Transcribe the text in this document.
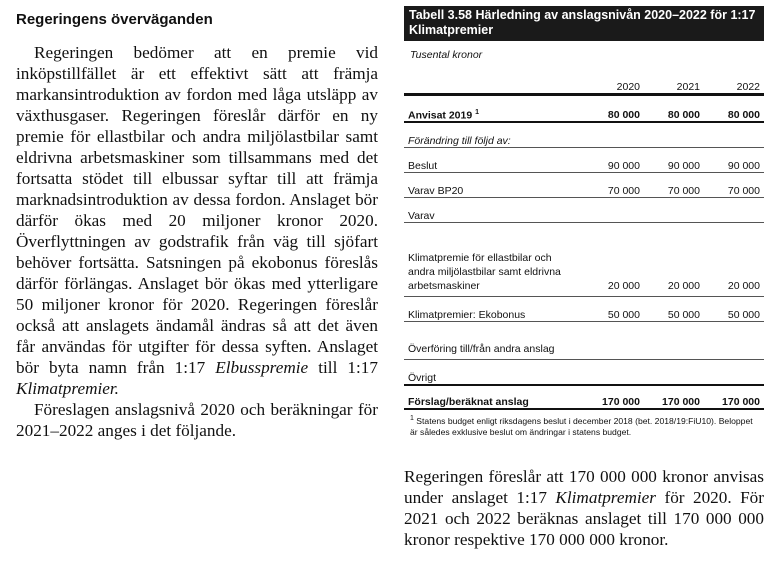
Regeringens överväganden

Regeringen bedömer att en premie vid inköpstillfället är ett effektivt sätt att främja markansintroduktion av fordon med låga utsläpp av växthusgaser. Regeringen föreslår därför en ny premie för ellastbilar och andra miljölastbilar samt eldrivna arbetsmaskiner som tillsammans med det fortsatta stödet till elbussar syftar till att främja marknadsintroduktion av dessa fordon. Anslaget bör därför ökas med 20 miljoner kronor 2020. Överflyttningen av godstrafik från väg till sjöfart behöver fortsätta. Satsningen på ekobonus föreslås därför förlängas. Anslaget bör ökas med ytterligare 50 miljoner kronor för 2020. Regeringen föreslår också att anslagets ändamål ändras så att det även får användas för utgifter för dessa syften. Anslaget bör byta namn från 1:17 Elbusspremie till 1:17 Klimatpremier.

Föreslagen anslagsnivå 2020 och beräkningar för 2021–2022 anges i det följande.

Tabell 3.58 Härledning av anslagsnivån 2020–2022 för 1:17 Klimatpremier
Tusental kronor
	2020	2021	2022
Anvisat 2019 $^1$	80 000	80 000	80 000
Förändring till följd av:			
Beslut	90 000	90 000	90 000
Varav BP20	70 000	70 000	70 000
Varav			
Klimatpremie för ellastbilar och andra miljölastbilar samt eldrivna arbetsmaskiner	20 000	20 000	20 000
Klimatpremier: Ekobonus	50 000	50 000	50 000
Överföring till/från andra anslag			
Övrigt			
Förslag/beräknat anslag	170 000	170 000	170 000
$^1$ Statens budget enligt riksdagens beslut i december 2018 (bet. 2018/19:FiU10). Beloppet är således exklusive beslut om ändringar i statens budget.
Regeringen föreslår att 170 000 000 kronor anvisas under anslaget 1:17 Klimatpremier för 2020. För 2021 och 2022 beräknas anslaget till 170 000 000 kronor respektive 170 000 000 kronor.
